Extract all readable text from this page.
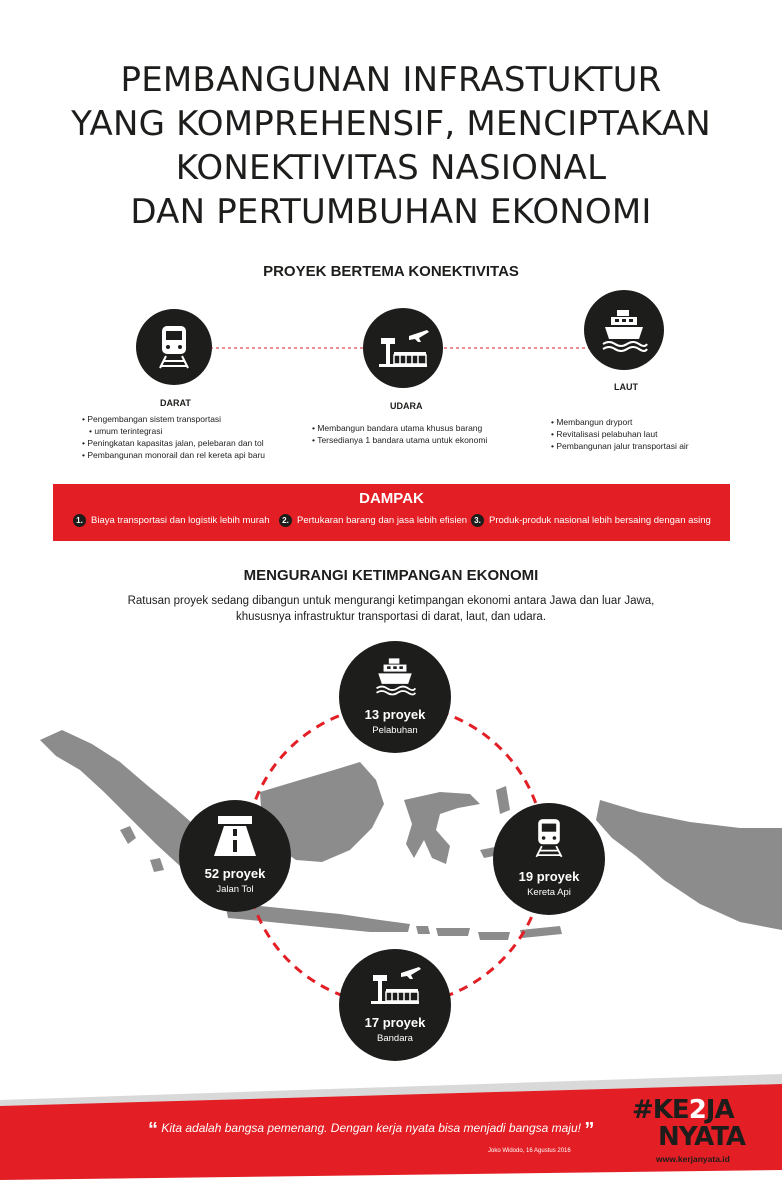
PEMBANGUNAN INFRASTUKTUR
YANG KOMPREHENSIF, MENCIPTAKAN
KONEKTIVITAS NASIONAL
DAN PERTUMBUHAN EKONOMI
PROYEK BERTEMA KONEKTIVITAS
DARAT
• Pengembangan sistem transportasi
• umum terintegrasi
• Peningkatan kapasitas jalan, pelebaran dan tol
• Pembangunan monorail dan rel kereta api baru
UDARA
• Membangun bandara utama khusus barang
• Tersedianya 1 bandara utama untuk ekonomi
LAUT
• Membangun dryport
• Revitalisasi pelabuhan laut
• Pembangunan jalur transportasi air
DAMPAK
1. Biaya transportasi dan logistik lebih murah	2. Pertukaran barang dan jasa lebih efisien 3. Produk-produk nasional lebih bersaing dengan asing
MENGURANGI KETIMPANGAN EKONOMI
Ratusan proyek sedang dibangun untuk mengurangi ketimpangan ekonomi antara Jawa dan luar Jawa,
khususnya infrastruktur transportasi di darat, laut, dan udara.
13 proyek
Pelabuhan
52 proyek
Jalan Tol
19 proyek
Kereta Api
17 proyek
Bandara
“ Kita adalah bangsa pemenang. Dengan kerja nyata bisa menjadi bangsa maju! ”
Joko Widodo, 16 Agustus 2016
#KE2JA
NYATA
www.kerjanyata.id
